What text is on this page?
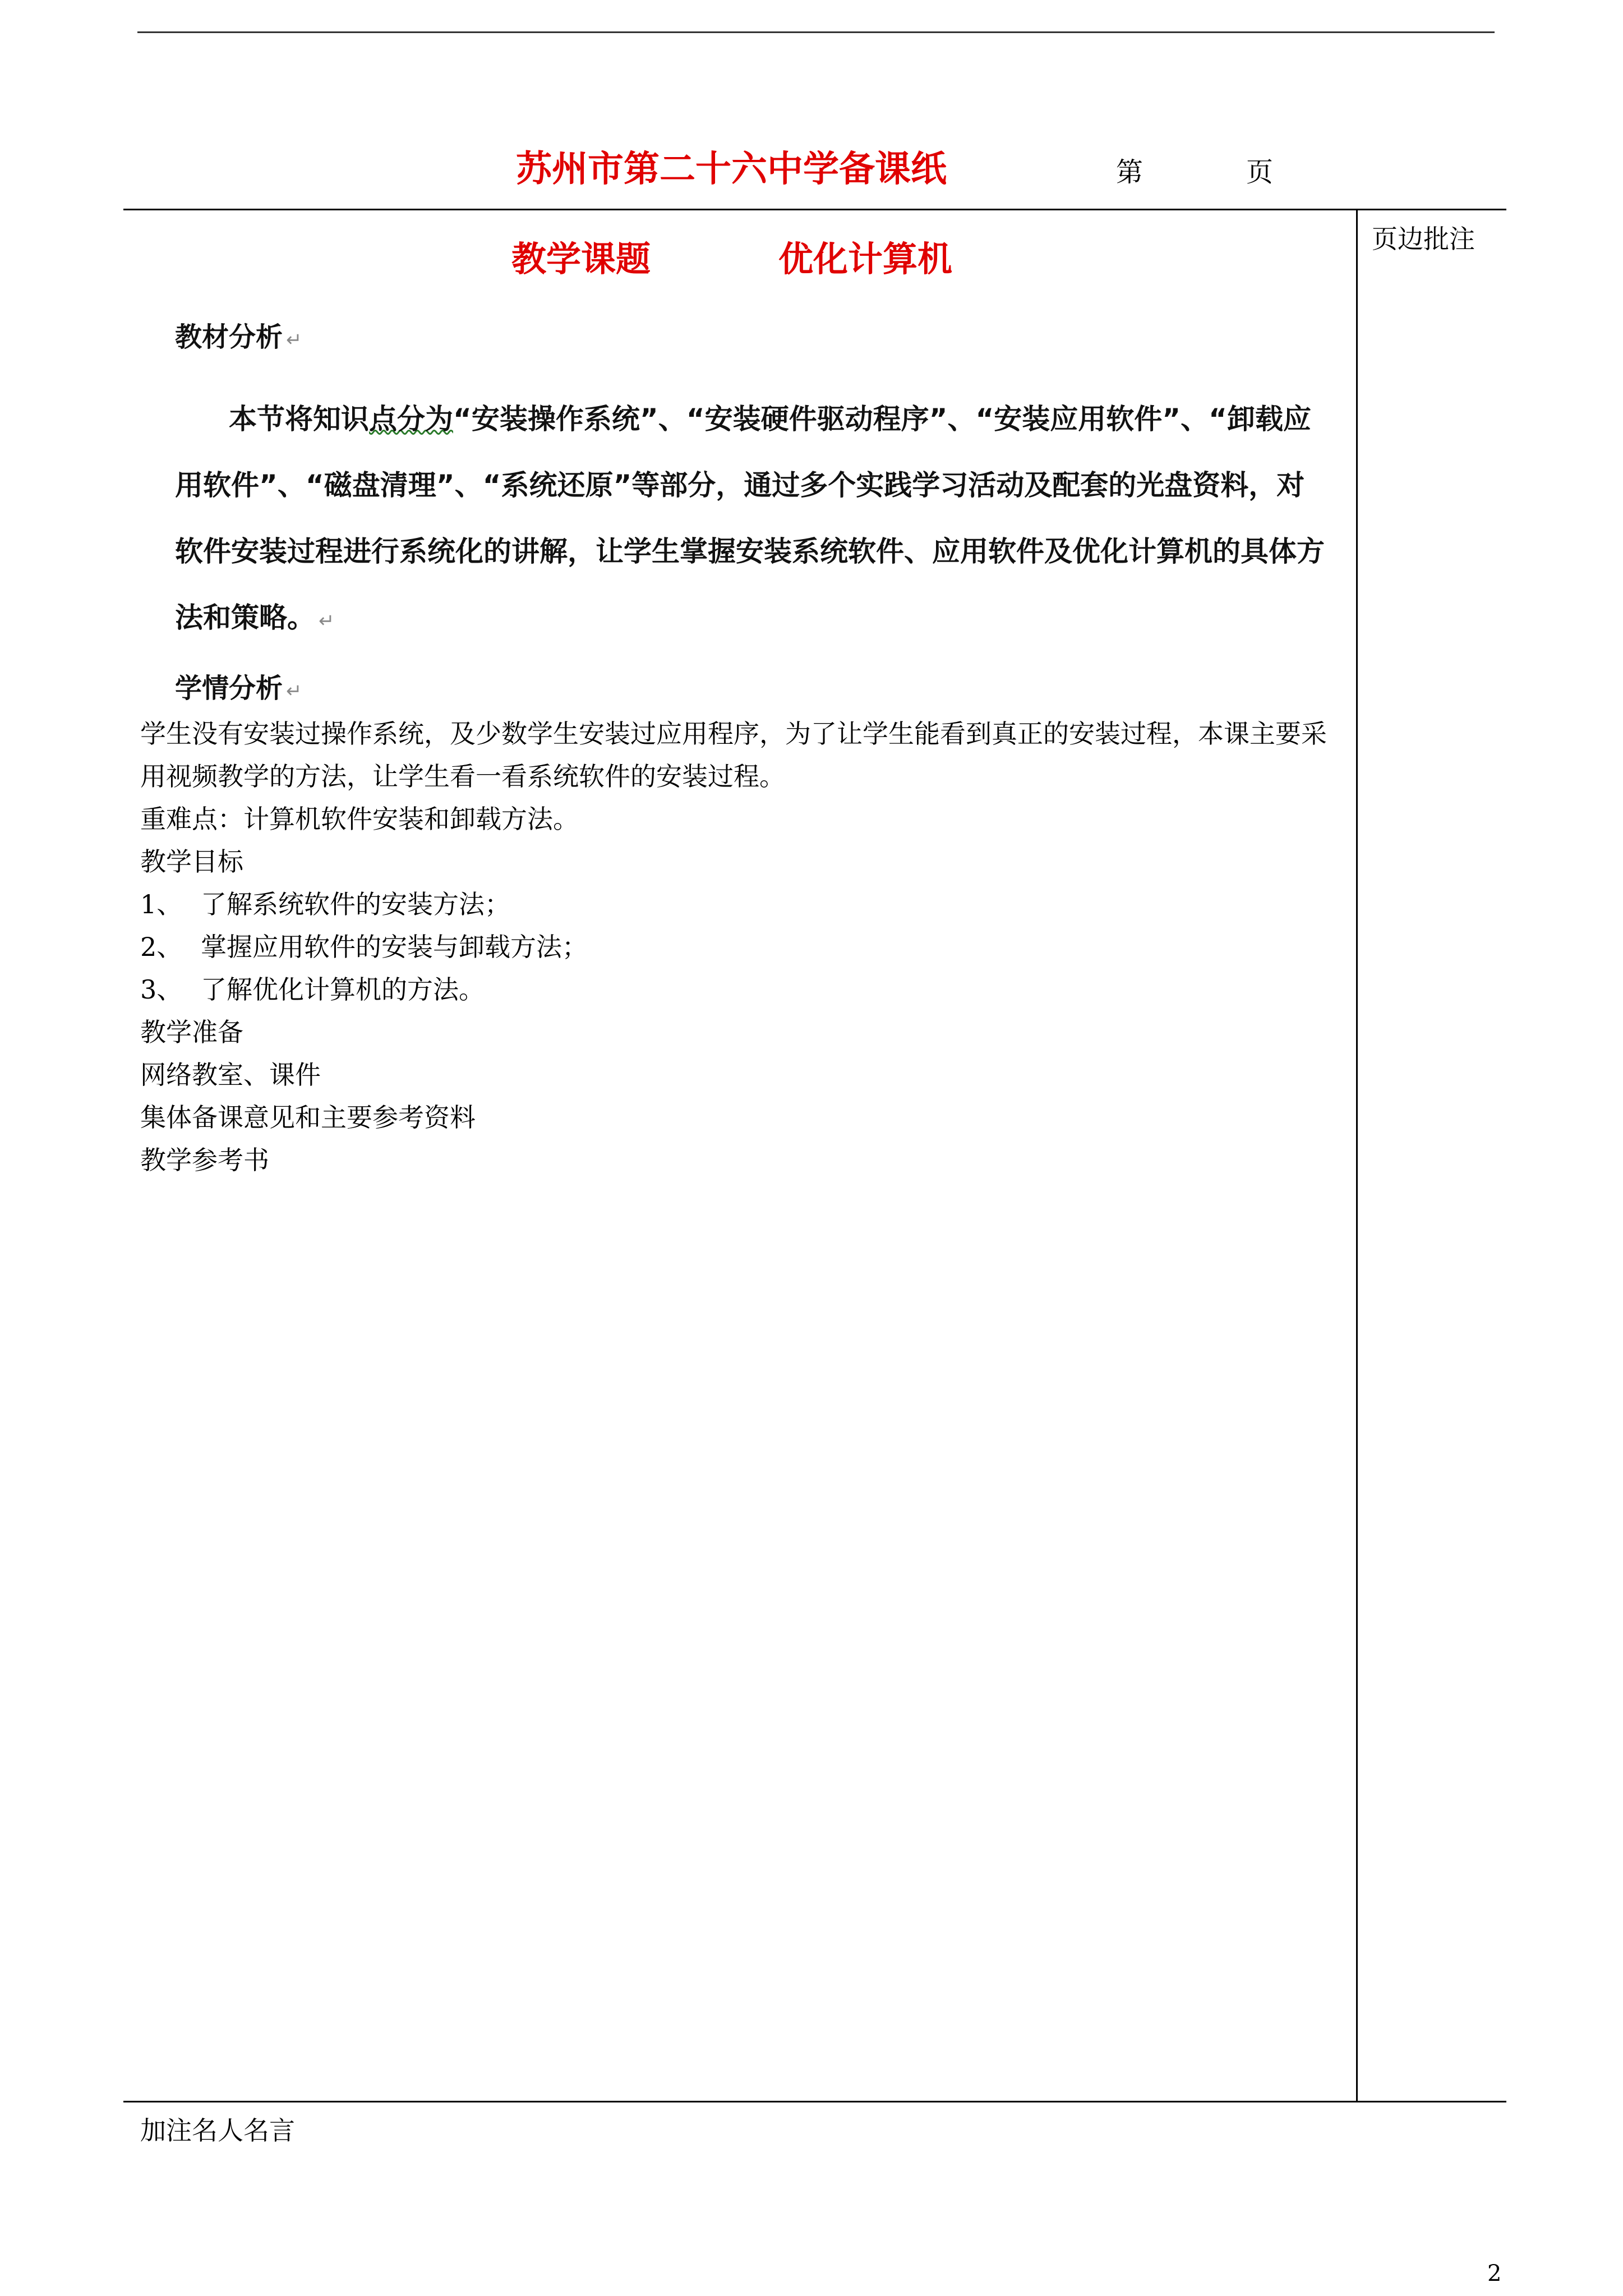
苏州市第二十六中学备课纸	第	页
页边批注
教学课题	优化计算机
教材分析 ↵
本节将知识点分为“安装操作系统”、“安装硬件驱动程序”、“安装应用软件”、“卸载应用软件”、“磁盘清理”、“系统还原”等部分，通过多个实践学习活动及配套的光盘资料，对软件安装过程进行系统化的讲解，让学生掌握安装系统软件、应用软件及优化计算机的具体方法和策略。 ↵
学情分析 ↵
学生没有安装过操作系统，及少数学生安装过应用程序，为了让学生能看到真正的安装过程，本课主要采用视频教学的方法，让学生看一看系统软件的安装过程。
重难点：计算机软件安装和卸载方法。
教学目标
1、 了解系统软件的安装方法；
2、 掌握应用软件的安装与卸载方法；
3、 了解优化计算机的方法。
教学准备
网络教室、课件
集体备课意见和主要参考资料
教学参考书
加注名人名言
2
